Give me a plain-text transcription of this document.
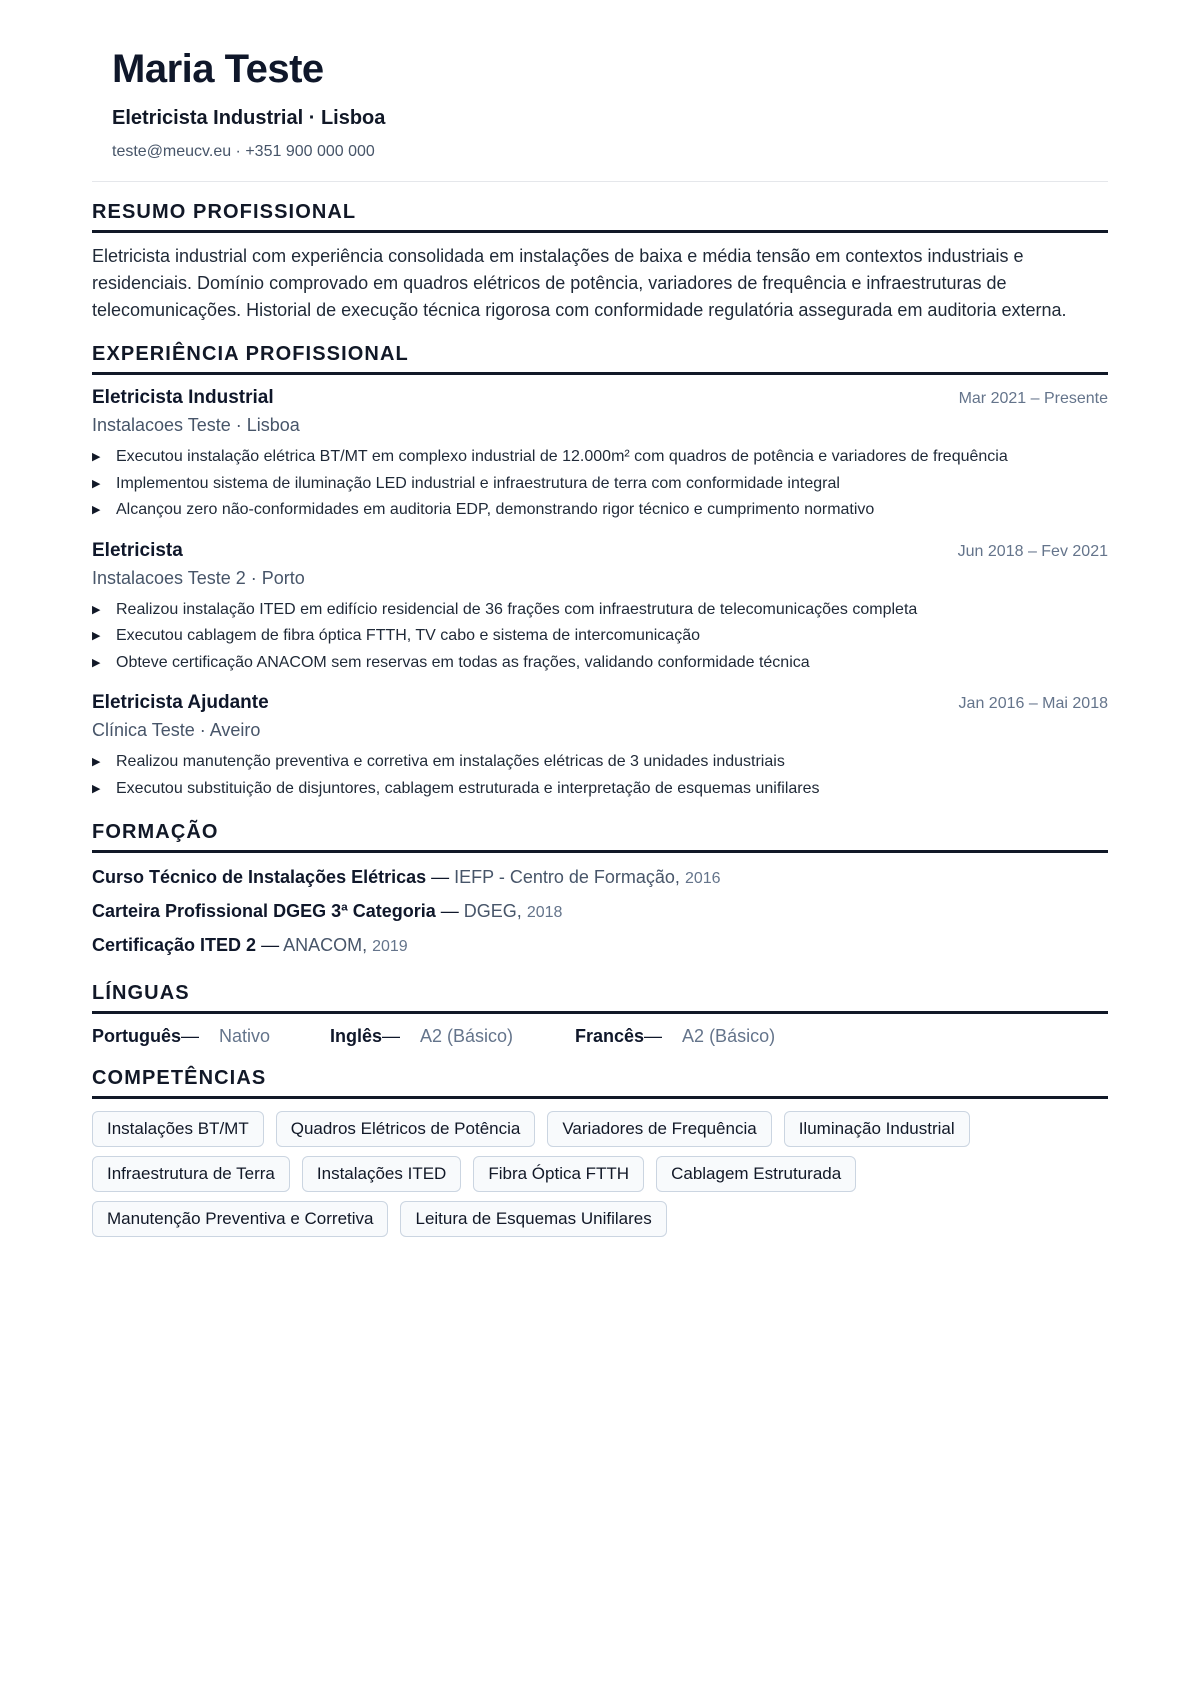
Maria Teste
Eletricista Industrial · Lisboa
teste@meucv.eu · +351 900 000 000
RESUMO PROFISSIONAL

Eletricista industrial com experiência consolidada em instalações de baixa e média tensão em contextos industriais e residenciais. Domínio comprovado em quadros elétricos de potência, variadores de frequência e infraestruturas de telecomunicações. Historial de execução técnica rigorosa com conformidade regulatória assegurada em auditoria externa.

EXPERIÊNCIA PROFISSIONAL
Eletricista Industrial	Mar 2021 – Presente
Instalacoes Teste · Lisboa
▶ Executou instalação elétrica BT/MT em complexo industrial de 12.000m² com quadros de potência e variadores de frequência
▶ Implementou sistema de iluminação LED industrial e infraestrutura de terra com conformidade integral
▶ Alcançou zero não-conformidades em auditoria EDP, demonstrando rigor técnico e cumprimento normativo
Eletricista	Jun 2018 – Fev 2021
Instalacoes Teste 2 · Porto
▶ Realizou instalação ITED em edifício residencial de 36 frações com infraestrutura de telecomunicações completa
▶ Executou cablagem de fibra óptica FTTH, TV cabo e sistema de intercomunicação
▶ Obteve certificação ANACOM sem reservas em todas as frações, validando conformidade técnica
Eletricista Ajudante	Jan 2016 – Mai 2018
Clínica Teste · Aveiro
▶ Realizou manutenção preventiva e corretiva em instalações elétricas de 3 unidades industriais
▶ Executou substituição de disjuntores, cablagem estruturada e interpretação de esquemas unifilares
FORMAÇÃO
Curso Técnico de Instalações Elétricas — IEFP - Centro de Formação, 2016
Carteira Profissional DGEG 3ª Categoria — DGEG, 2018
Certificação ITED 2 — ANACOM, 2019
LÍNGUAS
Português — Nativo	Inglês — A2 (Básico)	Francês — A2 (Básico)
COMPETÊNCIAS
Instalações BT/MT	Quadros Elétricos de Potência	Variadores de Frequência	Iluminação Industrial
Infraestrutura de Terra	Instalações ITED	Fibra Óptica FTTH	Cablagem Estruturada
Manutenção Preventiva e Corretiva	Leitura de Esquemas Unifilares
